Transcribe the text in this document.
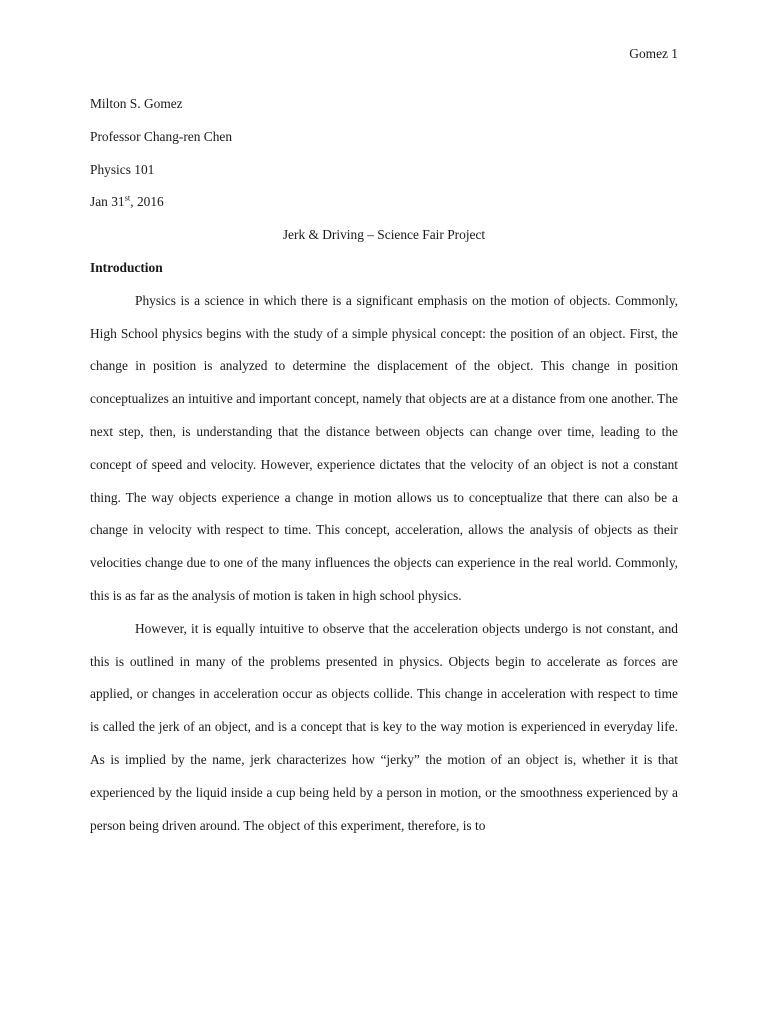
Gomez 1
Milton S. Gomez
Professor Chang-ren Chen
Physics 101
Jan 31st, 2016
Jerk & Driving – Science Fair Project
Introduction

Physics is a science in which there is a significant emphasis on the motion of objects. Commonly, High School physics begins with the study of a simple physical concept: the position of an object. First, the change in position is analyzed to determine the displacement of the object. This change in position conceptualizes an intuitive and important concept, namely that objects are at a distance from one another. The next step, then, is understanding that the distance between objects can change over time, leading to the concept of speed and velocity. However, experience dictates that the velocity of an object is not a constant thing. The way objects experience a change in motion allows us to conceptualize that there can also be a change in velocity with respect to time. This concept, acceleration, allows the analysis of objects as their velocities change due to one of the many influences the objects can experience in the real world. Commonly, this is as far as the analysis of motion is taken in high school physics.

However, it is equally intuitive to observe that the acceleration objects undergo is not constant, and this is outlined in many of the problems presented in physics. Objects begin to accelerate as forces are applied, or changes in acceleration occur as objects collide. This change in acceleration with respect to time is called the jerk of an object, and is a concept that is key to the way motion is experienced in everyday life. As is implied by the name, jerk characterizes how “jerky” the motion of an object is, whether it is that experienced by the liquid inside a cup being held by a person in motion, or the smoothness experienced by a person being driven around. The object of this experiment, therefore, is to
